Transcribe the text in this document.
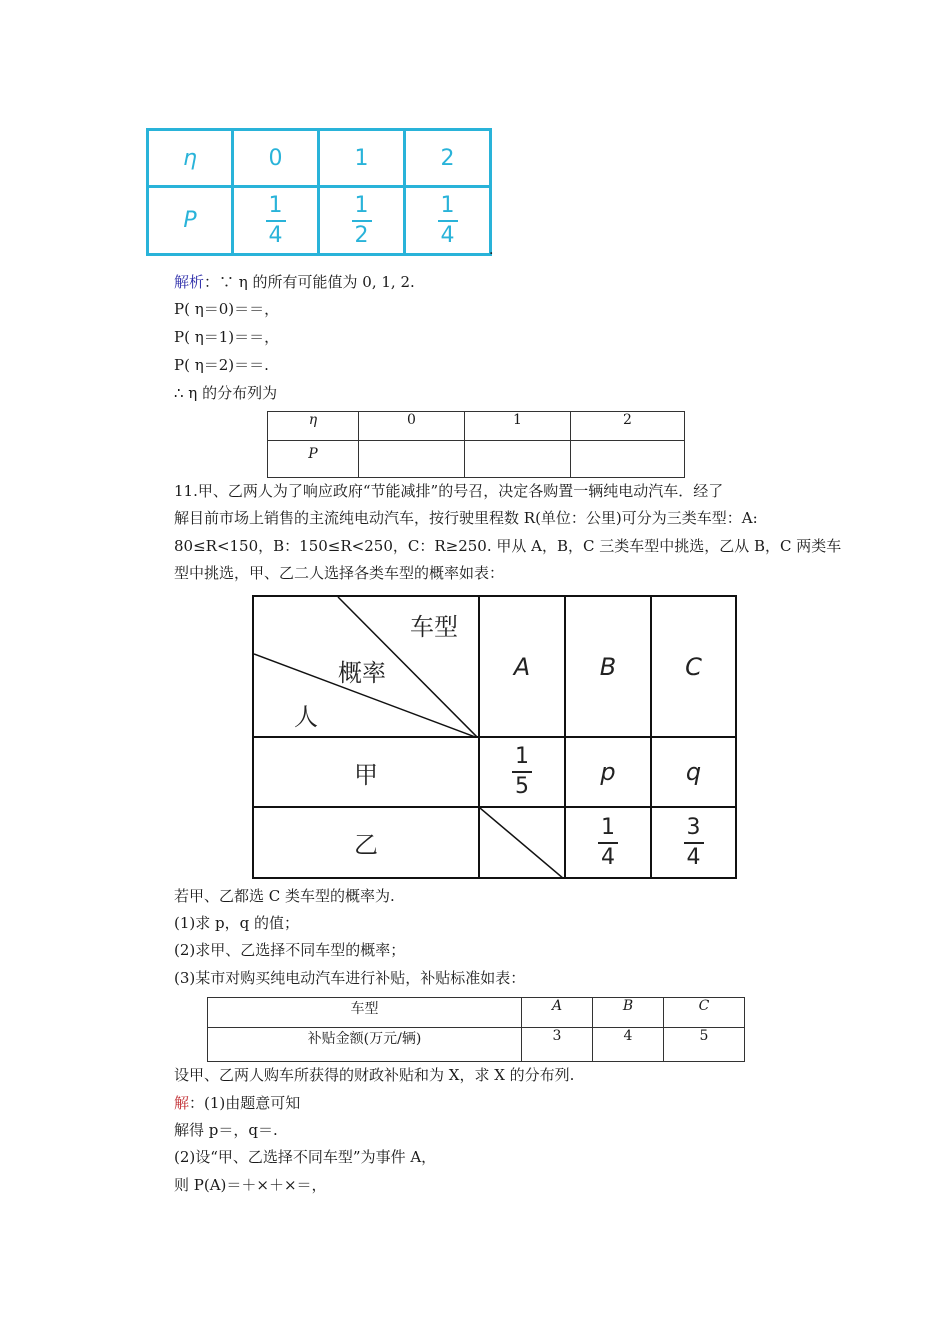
η	0	1	2
P	$\frac{1}{4}$	$\frac{1}{2}$	$\frac{1}{4}$
.
解析：∵ η 的所有可能值为 0, 1, 2.
P( η＝0)＝＝，
P( η＝1)＝＝，
P( η＝2)＝＝.
∴ η 的分布列为
η	0	1	2
P			
11.甲、乙两人为了响应政府“节能减排”的号召，决定各购置一辆纯电动汽车．经了
解目前市场上销售的主流纯电动汽车，按行驶里程数 R(单位：公里)可分为三类车型：A:
80≤R<150，B：150≤R<250，C：R≥250. 甲从 A，B，C 三类车型中挑选，乙从 B，C 两类车
型中挑选，甲、乙二人选择各类车型的概率如表：
车型
概率
人	A	B	C
甲	$\frac{1}{5}$	p	q
乙		$\frac{1}{4}$	$\frac{3}{4}$
若甲、乙都选 C 类车型的概率为.
(1)求 p，q 的值；
(2)求甲、乙选择不同车型的概率；
(3)某市对购买纯电动汽车进行补贴，补贴标准如表：
车型	A	B	C
补贴金额(万元/辆)	3	4	5
设甲、乙两人购车所获得的财政补贴和为 X，求 X 的分布列.
解：(1)由题意可知
解得 p＝，q＝.
(2)设“甲、乙选择不同车型”为事件 A，
则 P(A)＝＋×＋×＝，
